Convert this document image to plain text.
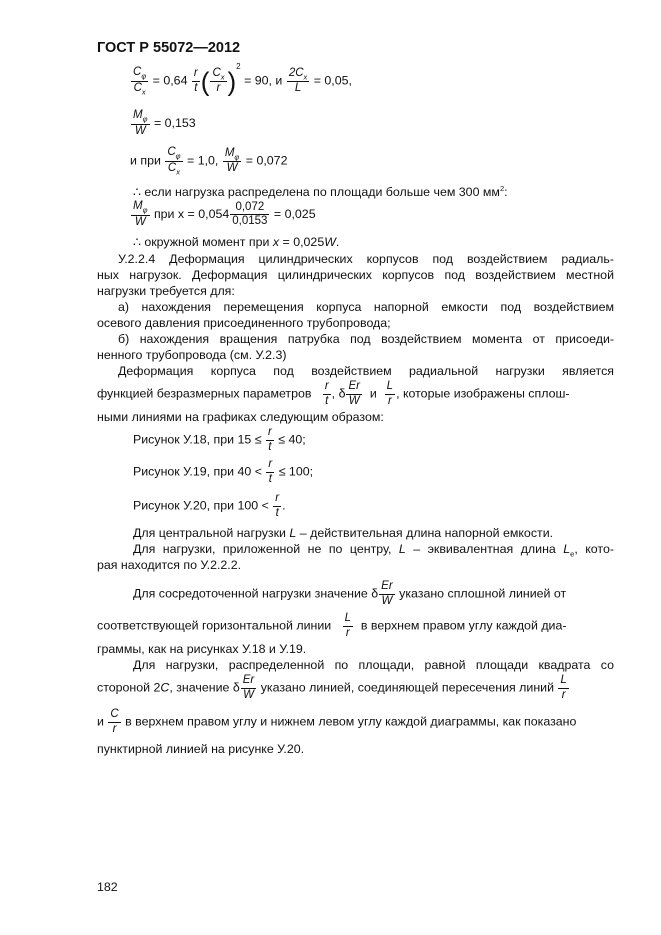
ГОСТ Р 55072—2012
$\frac{C_\varphi}{C_x} = 0,64 \frac{r}{t}$ ( $\frac{C_x}{r} )^2 = 90$, и $\frac{2C_x}{L} = 0,05$,
$\frac{M_\varphi}{W} = 0,153$
и при $\frac{C_\varphi}{C_x} = 1,0$, $\frac{M_\varphi}{W} = 0,072$
∴ если нагрузка распределена по площади больше чем 300 $мм^2$:
$\frac{M_\varphi}{W}$ при $x = 0,054 \frac{0,072}{0,0153} = 0,025$
∴ окружной момент при x = 0,025W.
У.2.2.4 Деформация цилиндрических корпусов под воздействием радиаль-
ных нагрузок. Деформация цилиндрических корпусов под воздействием местной
нагрузки требуется для:
а) нахождения перемещения корпуса напорной емкости под воздействием
осевого давления присоединенного трубопровода;
б) нахождения вращения патрубка под воздействием момента от присоеди-
ненного трубопровода (см. У.2.3)
Деформация корпуса под воздействием радиальной нагрузки является
функцией безразмерных параметров $\frac{r}{t}$ , δ $\frac{Er}{W}$ и $\frac{L}{r}$ , которые изображены сплош-
ными линиями на графиках следующим образом:
Рисунок У.18, при $15 \le \frac{r}{t} \le 40$;
Рисунок У.19, при $40 < \frac{r}{t} \le 100$;
Рисунок У.20, при $100 < \frac{r}{t}$ .
Для центральной нагрузки L – действительная длина напорной емкости.
Для нагрузки, приложенной не по центру, L – эквивалентная длина $L_e$, кото-
рая находится по У.2.2.2.
Для сосредоточенной нагрузки значение δ $\frac{Er}{W}$ указано сплошной линией от
соответствующей горизонтальной линии $\frac{L}{r}$ в верхнем правом углу каждой диа-
граммы, как на рисунках У.18 и У.19.
Для нагрузки, распределенной по площади, равной площади квадрата со
стороной 2C, значение δ $\frac{Er}{W}$ указано линией, соединяющей пересечения линий $\frac{L}{r}$
и $\frac{C}{r}$ в верхнем правом углу и нижнем левом углу каждой диаграммы, как показано
пунктирной линией на рисунке У.20.
182
